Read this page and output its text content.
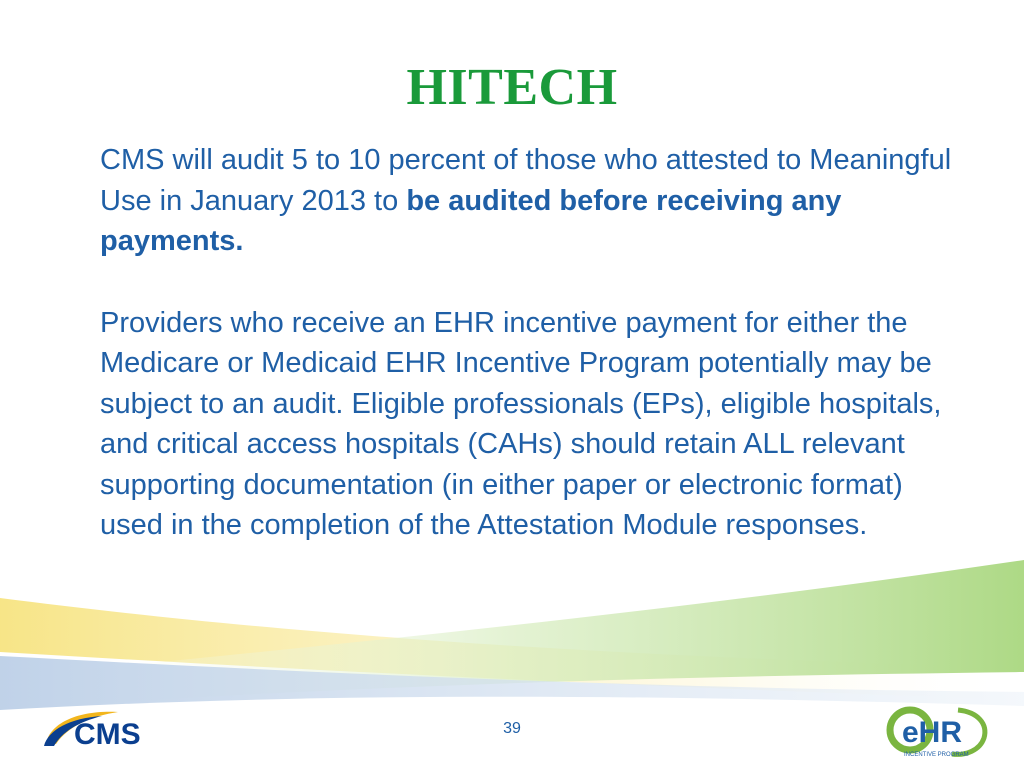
HITECH

CMS will audit 5 to 10 percent of those who attested to Meaningful Use in January 2013 to be audited before receiving any payments.

Providers who receive an EHR incentive payment for either the Medicare or Medicaid EHR Incentive Program potentially may be subject to an audit. Eligible professionals (EPs), eligible hospitals, and critical access hospitals (CAHs) should retain ALL relevant supporting documentation (in either paper or electronic format) used in the completion of the Attestation Module responses.

CMS	39	eHR
INCENTIVE PROGRAM
